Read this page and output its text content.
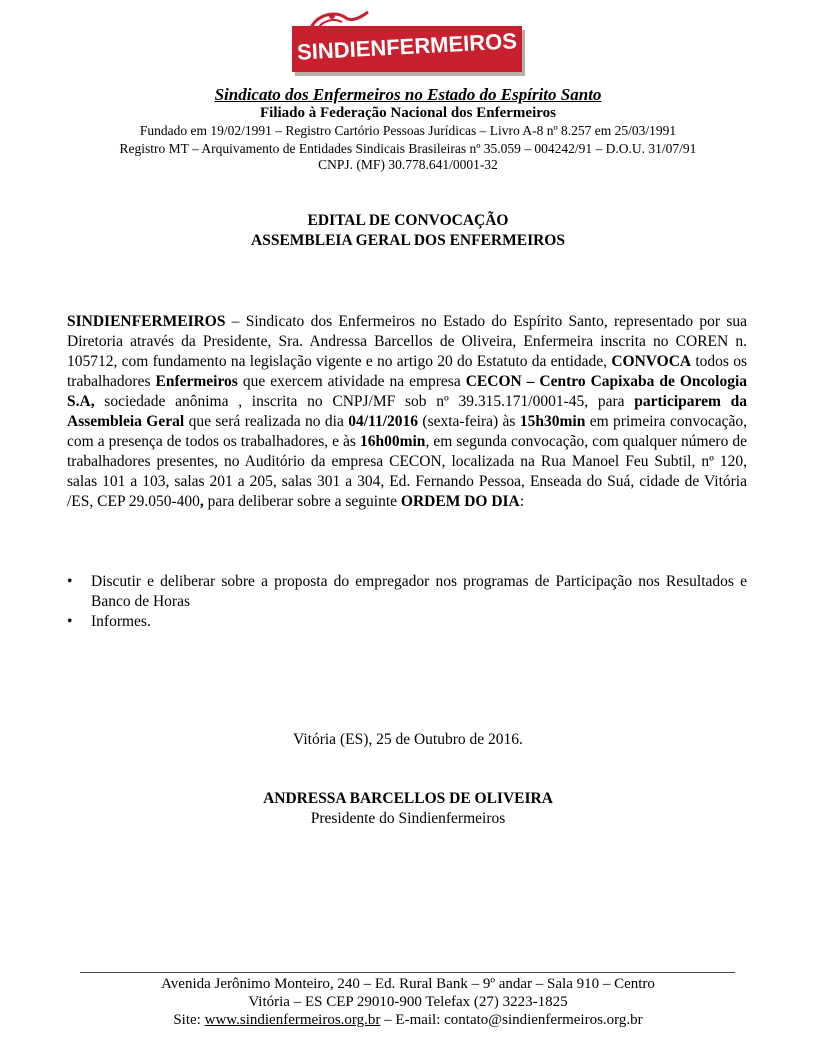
SINDIENFERMEIROS
Sindicato dos Enfermeiros no Estado do Espírito Santo
Filiado à Federação Nacional dos Enfermeiros
Fundado em 19/02/1991 – Registro Cartório Pessoas Jurídicas – Livro A-8 nº 8.257 em 25/03/1991
Registro MT – Arquivamento de Entidades Sindicais Brasileiras nº 35.059 – 004242/91 – D.O.U. 31/07/91
CNPJ. (MF) 30.778.641/0001-32
EDITAL DE CONVOCAÇÃO
ASSEMBLEIA GERAL DOS ENFERMEIROS
SINDIENFERMEIROS – Sindicato dos Enfermeiros no Estado do Espírito Santo, representado por sua Diretoria através da Presidente, Sra. Andressa Barcellos de Oliveira, Enfermeira inscrita no COREN n. 105712, com fundamento na legislação vigente e no artigo 20 do Estatuto da entidade, CONVOCA todos os trabalhadores Enfermeiros que exercem atividade na empresa CECON – Centro Capixaba de Oncologia S.A, sociedade anônima , inscrita no CNPJ/MF sob nº 39.315.171/0001-45, para participarem da Assembleia Geral que será realizada no dia 04/11/2016 (sexta-feira) às 15h30min em primeira convocação, com a presença de todos os trabalhadores, e às 16h00min, em segunda convocação, com qualquer número de trabalhadores presentes, no Auditório da empresa CECON, localizada na Rua Manoel Feu Subtil, nº 120, salas 101 a 103, salas 201 a 205, salas 301 a 304, Ed. Fernando Pessoa, Enseada do Suá, cidade de Vitória /ES, CEP 29.050-400, para deliberar sobre a seguinte ORDEM DO DIA:
• Discutir e deliberar sobre a proposta do empregador nos programas de Participação nos Resultados e Banco de Horas
• Informes.
Vitória (ES), 25 de Outubro de 2016.
ANDRESSA BARCELLOS DE OLIVEIRA
Presidente do Sindienfermeiros
Avenida Jerônimo Monteiro, 240 – Ed. Rural Bank – 9º andar – Sala 910 – Centro
Vitória – ES CEP 29010-900 Telefax (27) 3223-1825
Site: www.sindienfermeiros.org.br – E-mail: contato@sindienfermeiros.org.br
